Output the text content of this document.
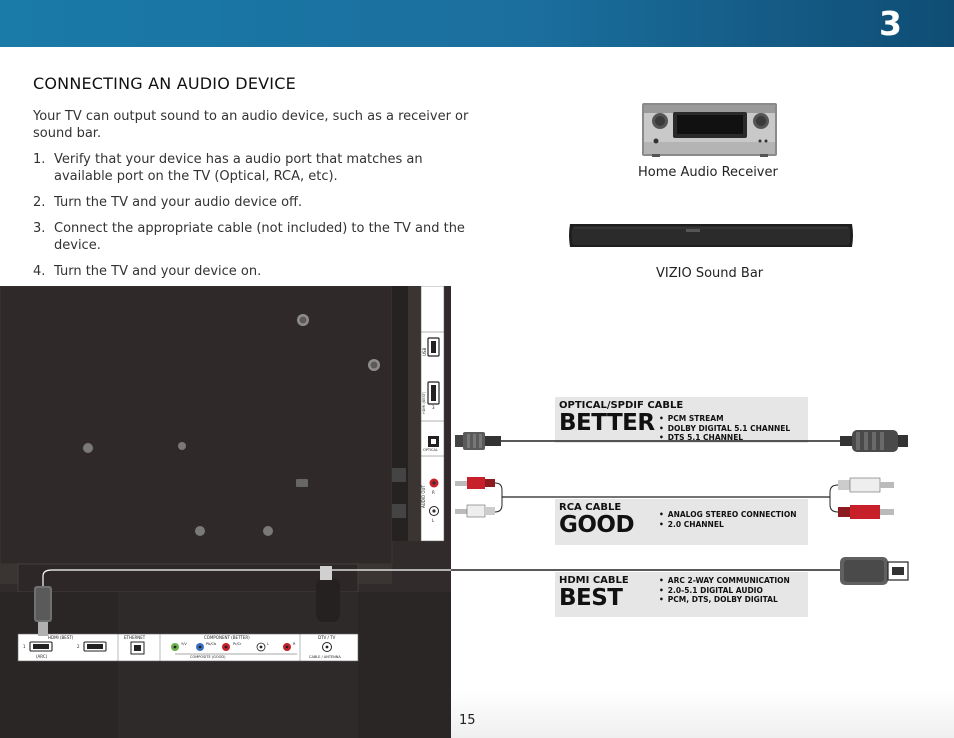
3
CONNECTING AN AUDIO DEVICE

Your TV can output sound to an audio device, such as a receiver or sound bar.

1. Verify that your device has a audio port that matches an available port on the TV (Optical, RCA, etc).
2. Turn the TV and your audio device off.
3. Connect the appropriate cable (not included) to the TV and the device.
4. Turn the TV and your device on.
Home Audio Receiver
VIZIO Sound Bar
USB
HDMI (BEST)	3
OPTICAL
AUDIO OUT	R
L
HDMI (BEST)
1	2
(ARC)
ETHERNET	COMPONENT (BETTER)
Y/V	Pb/Cb	Pr/Cr	L	R
COMPOSITE (GOOD)
DTV / TV
CABLE / ANTENNA
OPTICAL/SPDIF CABLE
BETTER	• PCM STREAM
• DOLBY DIGITAL 5.1 CHANNEL
• DTS 5.1 CHANNEL
RCA CABLE
GOOD	• ANALOG STEREO CONNECTION
• 2.0 CHANNEL
HDMI CABLE
BEST
• ARC 2-WAY COMMUNICATION
• 2.0-5.1 DIGITAL AUDIO
• PCM, DTS, DOLBY DIGITAL
15
